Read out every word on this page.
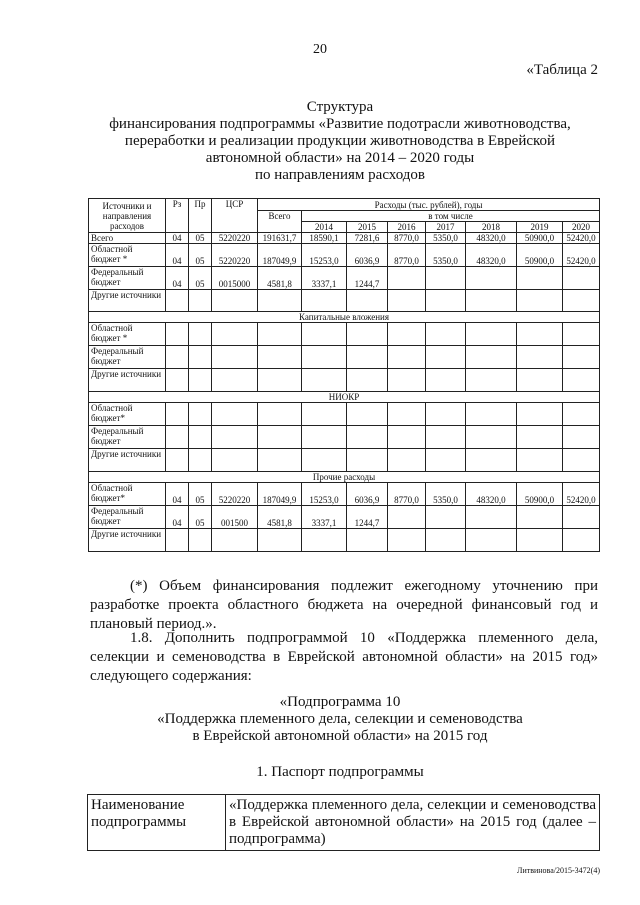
20
«Таблица 2
Структура
финансирования подпрограммы «Развитие подотрасли животноводства,
переработки и реализации продукции животноводства в Еврейской
автономной области» на 2014 – 2020 годы
по направлениям расходов
Источники и направления расходов	Рз	Пр	ЦСР	Расходы (тыс. рублей), годы							
				Всего	в том числе						
					2014	2015	2016	2017	2018	2019	2020
Всего	04	05	5220220	191631,7	18590,1	7281,6	8770,0	5350,0	48320,0	50900,0	52420,0
Областной бюджет *	04	05	5220220	187049,9	15253,0	6036,9	8770,0	5350,0	48320,0	50900,0	52420,0
Федеральный бюджет	04	05	0015000	4581,8	3337,1	1244,7					
Другие источники											
Капитальные вложения											
Областной бюджет *											
Федеральный бюджет											
Другие источники											
НИОКР											
Областной бюджет*											
Федеральный бюджет											
Другие источники											
Прочие расходы											
Областной бюджет*	04	05	5220220	187049,9	15253,0	6036,9	8770,0	5350,0	48320,0	50900,0	52420,0
Федеральный бюджет	04	05	001500	4581,8	3337,1	1244,7					
Другие источники											
(*) Объем финансирования подлежит ежегодному уточнению при разработке проекта областного бюджета на очередной финансовый год и плановый период.».
1.8. Дополнить подпрограммой 10 «Поддержка племенного дела, селекции и семеноводства в Еврейской автономной области» на 2015 год» следующего содержания:
«Подпрограмма 10
«Поддержка племенного дела, селекции и семеноводства
в Еврейской автономной области» на 2015 год
1. Паспорт подпрограммы
Наименование подпрограммы	«Поддержка племенного дела, селекции и семеноводства в Еврейской автономной области» на 2015 год (далее – подпрограмма)
Литвинова/2015-3472(4)
